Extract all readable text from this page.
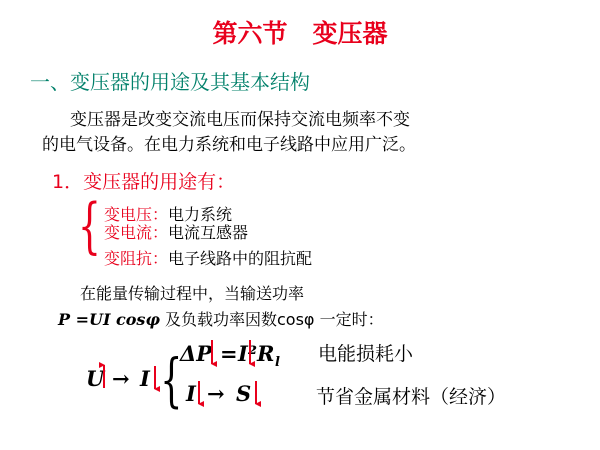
第六节　变压器
一、变压器的用途及其基本结构
变压器是改变交流电压而保持交流电频率不变
的电气设备。在电力系统和电子线路中应用广泛。
1．变压器的用途有：
{ 变电压：电力系统
变电流：电流互感器
变阻抗：电子线路中的阻抗配
在能量传输过程中，当输送功率
P =UI cosφ 及负载功率因数cosφ 一定时：
U → I {
ΔP = I²R l
I → S
电能损耗小
节省金属材料（经济）
